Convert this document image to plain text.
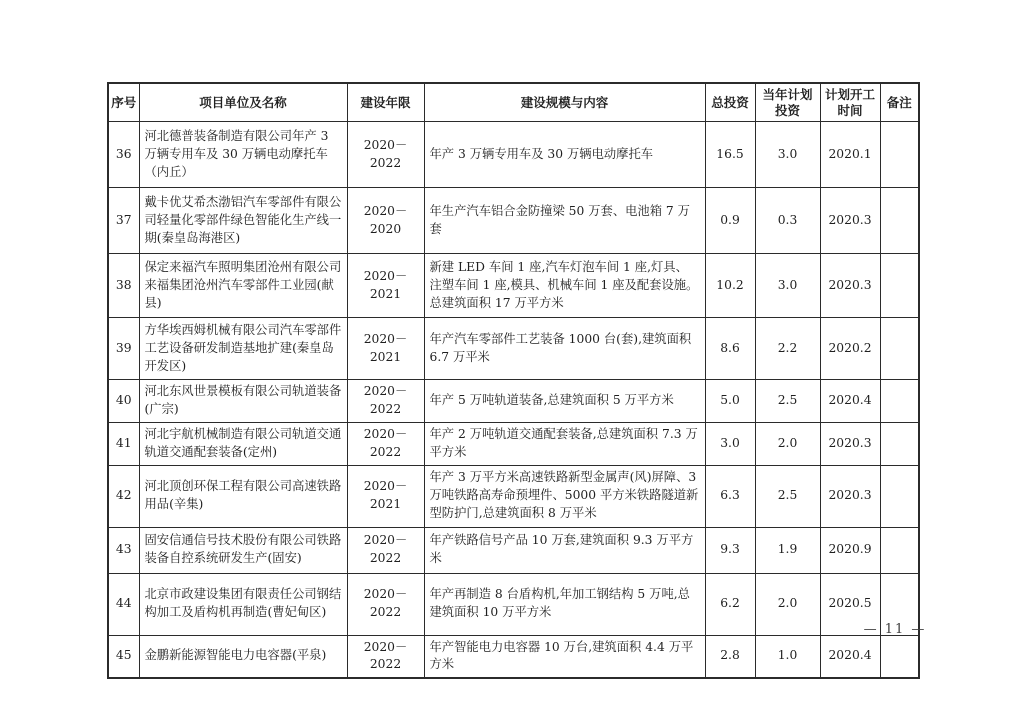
序号	项目单位及名称	建设年限	建设规模与内容	总投资	当年计划投资	计划开工时间	备注
36	河北德普装备制造有限公司年产 3 万辆专用车及 30 万辆电动摩托车（内丘）	2020－2022	年产 3 万辆专用车及 30 万辆电动摩托车	16.5	3.0	2020.1	
37	戴卡优艾希杰渤铝汽车零部件有限公司轻量化零部件绿色智能化生产线一期(秦皇岛海港区)	2020－2020	年生产汽车铝合金防撞梁 50 万套、电池箱 7 万套	0.9	0.3	2020.3	
38	保定来福汽车照明集团沧州有限公司来福集团沧州汽车零部件工业园(献县)	2020－2021	新建 LED 车间 1 座,汽车灯泡车间 1 座,灯具、注塑车间 1 座,模具、机械车间 1 座及配套设施。总建筑面积 17 万平方米	10.2	3.0	2020.3	
39	方华埃西姆机械有限公司汽车零部件工艺设备研发制造基地扩建(秦皇岛开发区)	2020－2021	年产汽车零部件工艺装备 1000 台(套),建筑面积 6.7 万平米	8.6	2.2	2020.2	
40	河北东风世景模板有限公司轨道装备(广宗)	2020－2022	年产 5 万吨轨道装备,总建筑面积 5 万平方米	5.0	2.5	2020.4	
41	河北宇航机械制造有限公司轨道交通轨道交通配套装备(定州)	2020－2022	年产 2 万吨轨道交通配套装备,总建筑面积 7.3 万平方米	3.0	2.0	2020.3	
42	河北顶创环保工程有限公司高速铁路用品(辛集)	2020－2021	年产 3 万平方米高速铁路新型金属声(风)屏障、3 万吨铁路高寿命预埋件、5000 平方米铁路隧道新型防护门,总建筑面积 8 万平米	6.3	2.5	2020.3	
43	固安信通信号技术股份有限公司铁路装备自控系统研发生产(固安)	2020－2022	年产铁路信号产品 10 万套,建筑面积 9.3 万平方米	9.3	1.9	2020.9	
44	北京市政建设集团有限责任公司钢结构加工及盾构机再制造(曹妃甸区)	2020－2022	年产再制造 8 台盾构机,年加工钢结构 5 万吨,总建筑面积 10 万平方米	6.2	2.0	2020.5	
45	金鹏新能源智能电力电容器(平泉)	2020－2022	年产智能电力电容器 10 万台,建筑面积 4.4 万平方米	2.8	1.0	2020.4	
— 11 —
